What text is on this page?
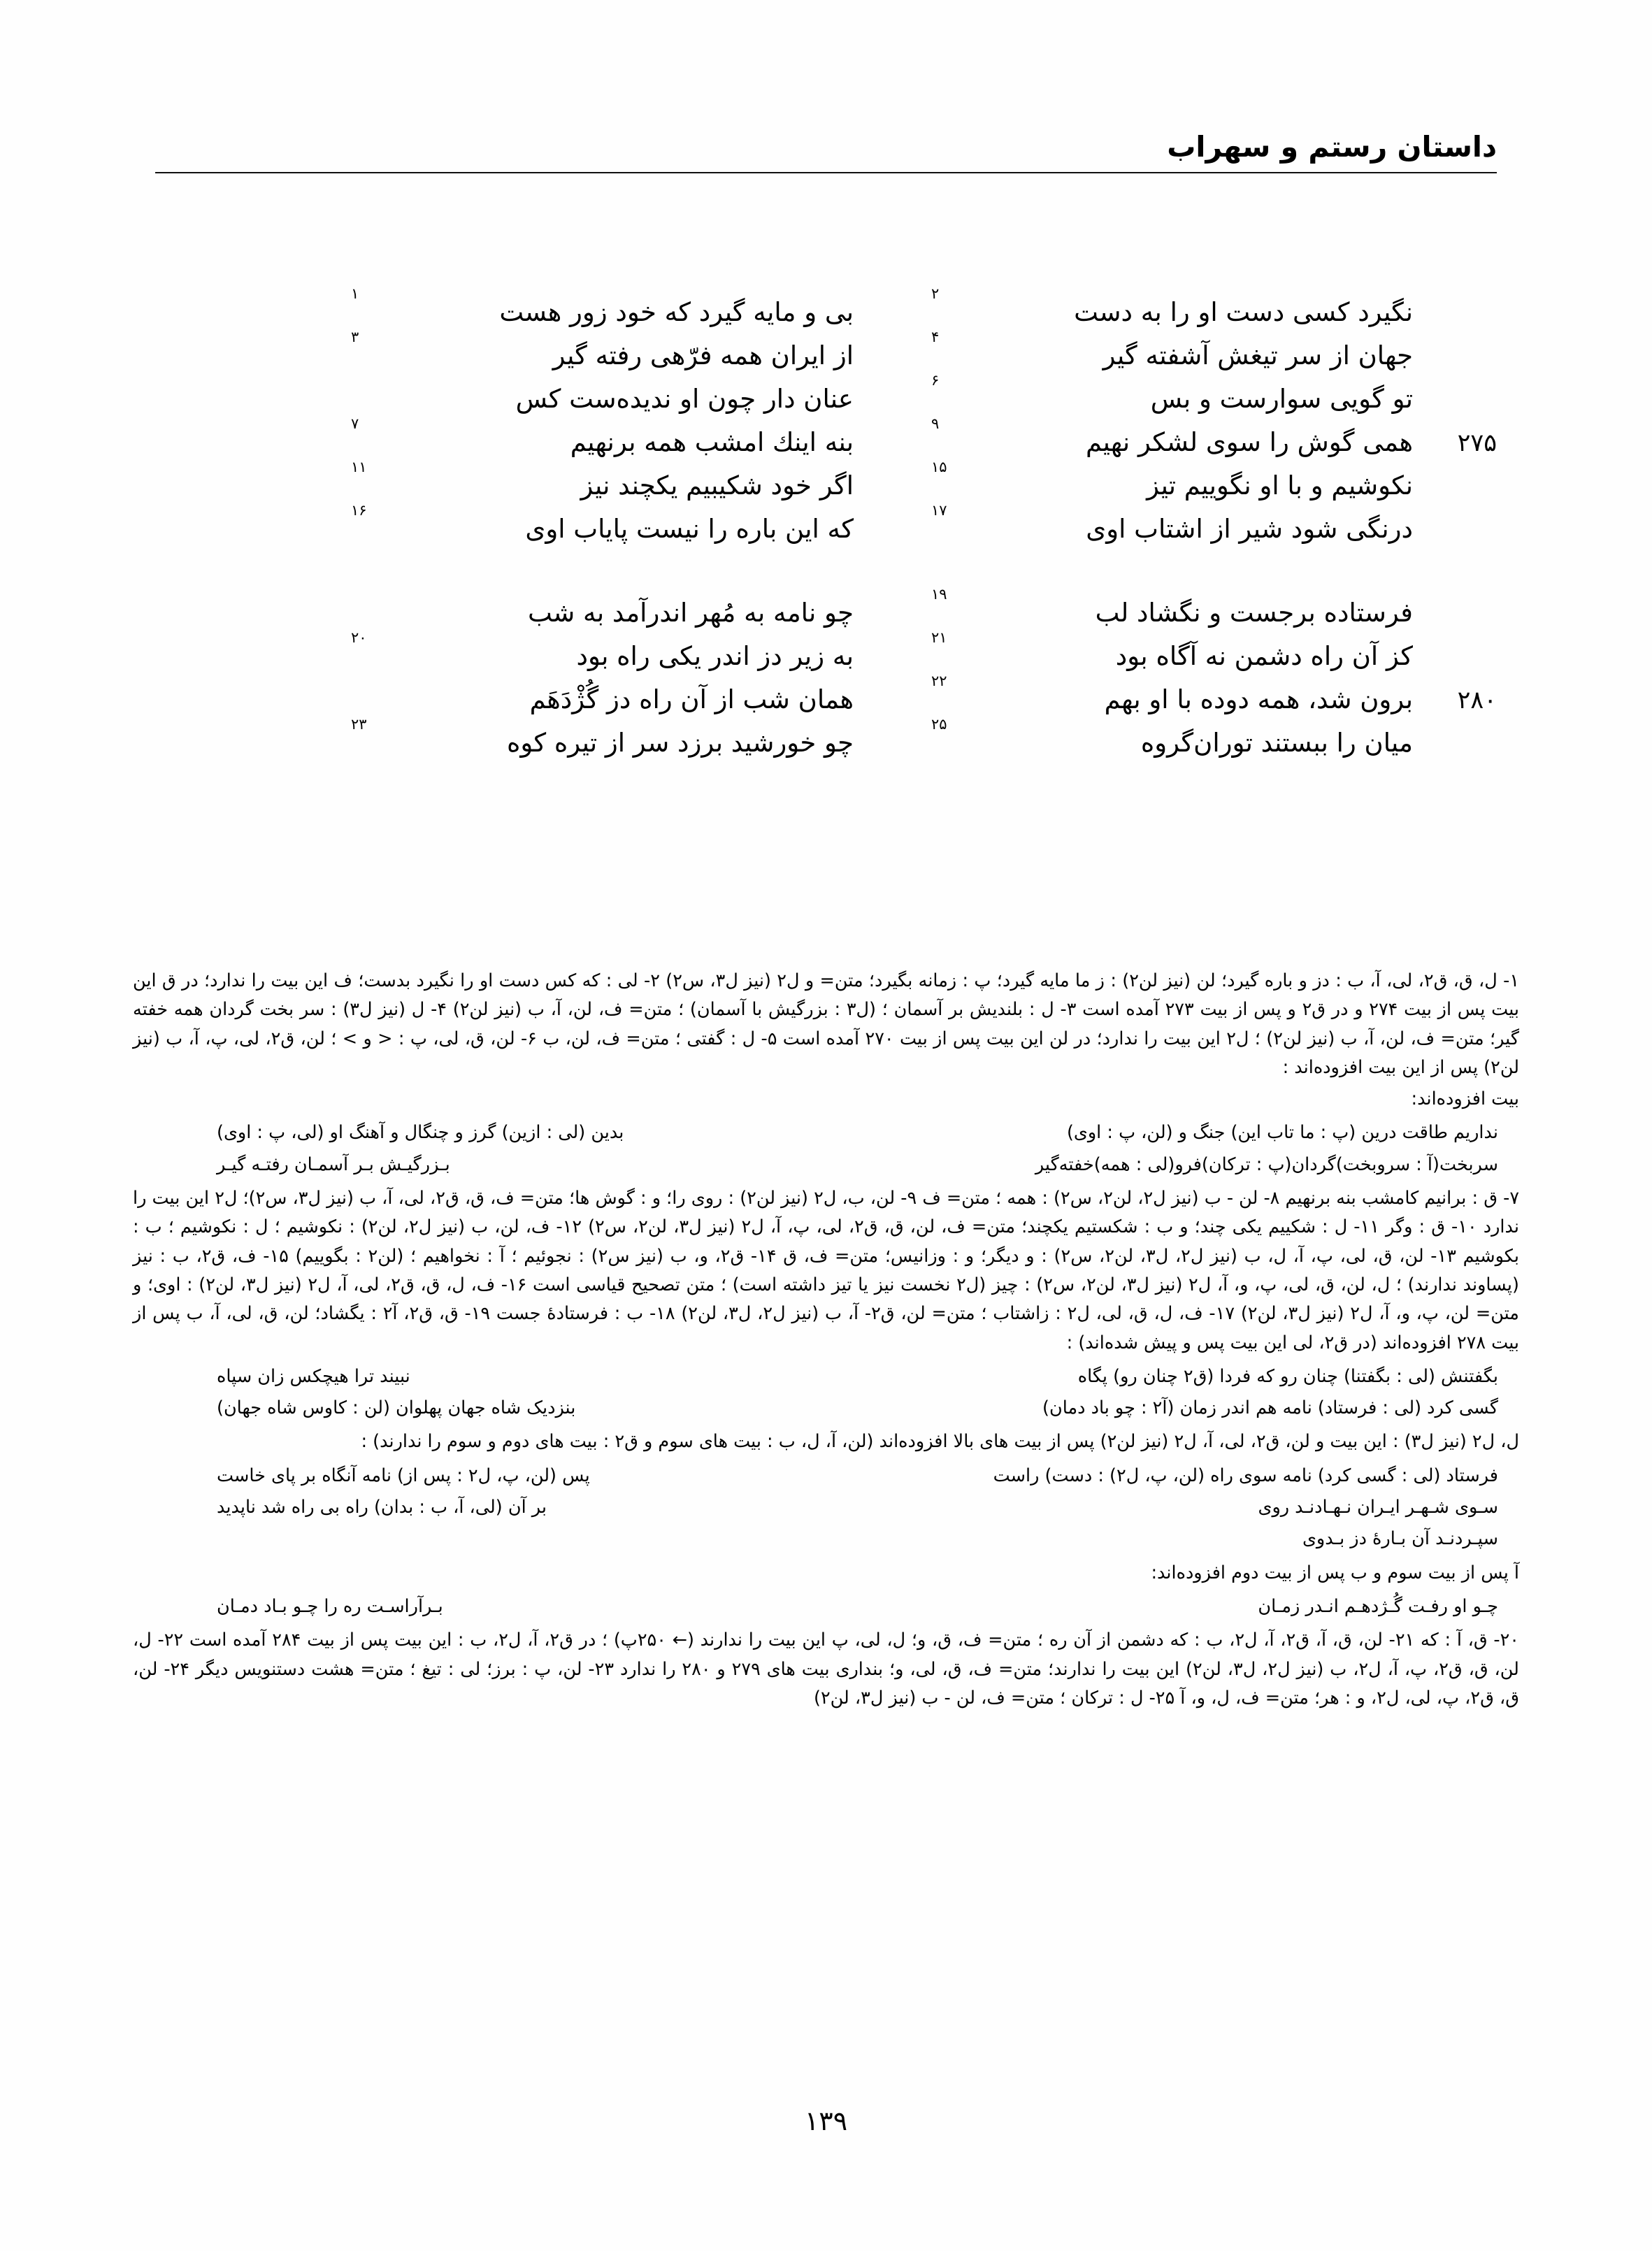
داستان رستم و سهراب
نگیرد کسی دست او را به دست
۲
بی و مایه گیرد که خود زور هست
۱
جهان از سر تیغش آشفته گیر
۴
از ایران همه فرّهی رفته گیر
۳
تو گویی سوارست و بس
۶
عنان دار چون او ندیده‌ست کس
۲۷۵
همی گوش را سوی لشکر نهیم
۹
بنه اینك امشب همه برنهیم
۷
نکوشیم و با او نگوییم تیز
۱۵
اگر خود شکیبیم یکچند نیز
۱۱
درنگی شود شیر از اشتاب اوی
۱۷
که این باره را نیست پایاب اوی
۱۶
فرستاده برجست و نگشاد لب
۱۹
چو نامه به مُهر اندرآمد به شب
کز آن راه دشمن نه آگاه بود
۲۱
به زیر دز اندر یکی راه بود
۲۰
۲۸۰
برون شد، همه دوده با او بهم
۲۲
همان شب از آن راه دز گُژْدَهَم
میان را ببستند توران‌گروه
۲۵
چو خورشید برزد سر از تیره کوه
۲۳

۱- ل، ق، ق۲، لی، آ، ب : دز و باره گیرد؛ لن (نیز لن۲) : ز ما مایه گیرد؛ پ : زمانه بگیرد؛ متن= و ل۲ (نیز ل۳، س۲) ۲- لی : که کس دست او را نگیرد بدست؛ ف این بیت را ندارد؛ در ق این بیت پس از بیت ۲۷۴ و در ق۲ و پس از بیت ۲۷۳ آمده است ۳- ل : بلندیش بر آسمان ؛ (ل۳ : بزرگیش با آسمان) ؛ متن= ف، لن، آ، ب (نیز لن۲) ۴- ل (نیز ل۳) : سر بخت گردان همه خفته گیر؛ متن= ف، لن، آ، ب (نیز لن۲) ؛ ل۲ این بیت را ندارد؛ در لن این بیت پس از بیت ۲۷۰ آمده است ۵- ل : گفتی ؛ متن= ف، لن، ب ۶- لن، ق، لی، پ : < و > ؛ لن، ق۲، لی، پ، آ، ب (نیز لن۲) پس از این بیت افزوده‌اند :

بیت افزوده‌اند:
نداریم طاقت درین (پ : ما تاب این) جنگ و (لن، پ : اوی)
بدین (لی : ازین) گرز و چنگال و آهنگ او (لی، پ : اوی)
سربخت(آ : سروبخت)گردان(پ : ترکان)فرو(لی : همه)خفته‌گیر
بـزرگیـش بـر آسمـان رفتـه گیـر

۷- ق : برانیم کامشب بنه برنهیم ۸- لن - ب (نیز ل۲، لن۲، س۲) : همه ؛ متن= ف ۹- لن، ب، ل۲ (نیز لن۲) : روی را؛ و : گوش ها؛ متن= ف، ق، ق۲، لی، آ، ب (نیز ل۳، س۲)؛ ل۲ این بیت را ندارد ۱۰- ق : وگر ۱۱- ل : شکییم یکی چند؛ و ب : شکستیم یکچند؛ متن= ف، لن، ق، ق۲، لی، پ، آ، ل۲ (نیز ل۳، لن۲، س۲) ۱۲- ف، لن، ب (نیز ل۲، لن۲) : نکوشیم ؛ ل : نکوشیم ؛ ب : بکوشیم ۱۳- لن، ق، لی، پ، آ، ل، ب (نیز ل۲، ل۳، لن۲، س۲) : و دیگر؛ و : وزانیس؛ متن= ف، ق ۱۴- ق۲، و، ب (نیز س۲) : نجوئیم ؛ آ : نخواهیم ؛ (لن۲ : بگوییم) ۱۵- ف، ق۲، ب : نیز (پساوند ندارند) ؛ ل، لن، ق، لی، پ، و، آ، ل۲ (نیز ل۳، لن۲، س۲) : چیز (ل۲ نخست نیز یا تیز داشته است) ؛ متن تصحیح قیاسی است ۱۶- ف، ل، ق، ق۲، لی، آ، ل۲ (نیز ل۳، لن۲) : اوی؛ و متن= لن، پ، و، آ، ل۲ (نیز ل۳، لن۲) ۱۷- ف، ل، ق، لی، ل۲ : زاشتاب ؛ متن= لن، ق۲- آ، ب (نیز ل۲، ل۳، لن۲) ۱۸- ب : فرستادهٔ جست ۱۹- ق، ق۲، آ۲ : یگشاد؛ لن، ق، لی، آ، ب پس از بیت ۲۷۸ افزوده‌اند (در ق۲، لی این بیت پس و پیش شده‌اند) :

بگفتنش (لی : بگفتنا) چنان رو که فردا (ق۲ چنان رو) پگاه
نبیند ترا هیچکس زان سپاه
گسی کرد (لی : فرستاد) نامه هم اندر زمان (آ۲ : چو باد دمان)
بنزدیک شاه جهان پهلوان (لن : کاوس شاه جهان)

ل، ل۲ (نیز ل۳) : این بیت و لن، ق۲، لی، آ، ل۲ (نیز لن۲) پس از بیت های بالا افزوده‌اند (لن، آ، ل، ب : بیت های سوم و ق۲ : بیت های دوم و سوم را ندارند) :

فرستاد (لی : گسی کرد) نامه سوی راه (لن، پ، ل۲) : دست) راست
پس (لن، پ، ل۲ : پس از) نامه آنگاه بر پای خاست
سـوی شـهـر ایـران نـهـادنـد روی
بر آن (لی، آ، ب : بدان) راه بی راه شد ناپدید
سپـردنـد آن بـارهٔ دز بـدوی

آ پس از بیت سوم و ب پس از بیت دوم افزوده‌اند:

چـو او رفـت گُـژدهـم انـدر زمـان
بـرآراسـت ره را چـو بـاد دمـان

۲۰- ق، آ : که ۲۱- لن، ق، آ، ق۲، آ، ل۲، ب : که دشمن از آن ره ؛ متن= ف، ق، و؛ ل، لی، پ این بیت را ندارند (← ۲۵۰پ) ؛ در ق۲، آ، ل۲، ب : این بیت پس از بیت ۲۸۴ آمده است ۲۲- ل، لن، ق، ق۲، پ، آ، ل۲، ب (نیز ل۲، ل۳، لن۲) این بیت را ندارند؛ متن= ف، ق، لی، و؛ بنداری بیت های ۲۷۹ و ۲۸۰ را ندارد ۲۳- لن، پ : برز؛ لی : تیغ ؛ متن= هشت دستنویس دیگر ۲۴- لن، ق، ق۲، پ، لی، ل۲، و : هر؛ متن= ف، ل، و، آ ۲۵- ل : ترکان ؛ متن= ف، لن - ب (نیز ل۳، لن۲)

۱۳۹
